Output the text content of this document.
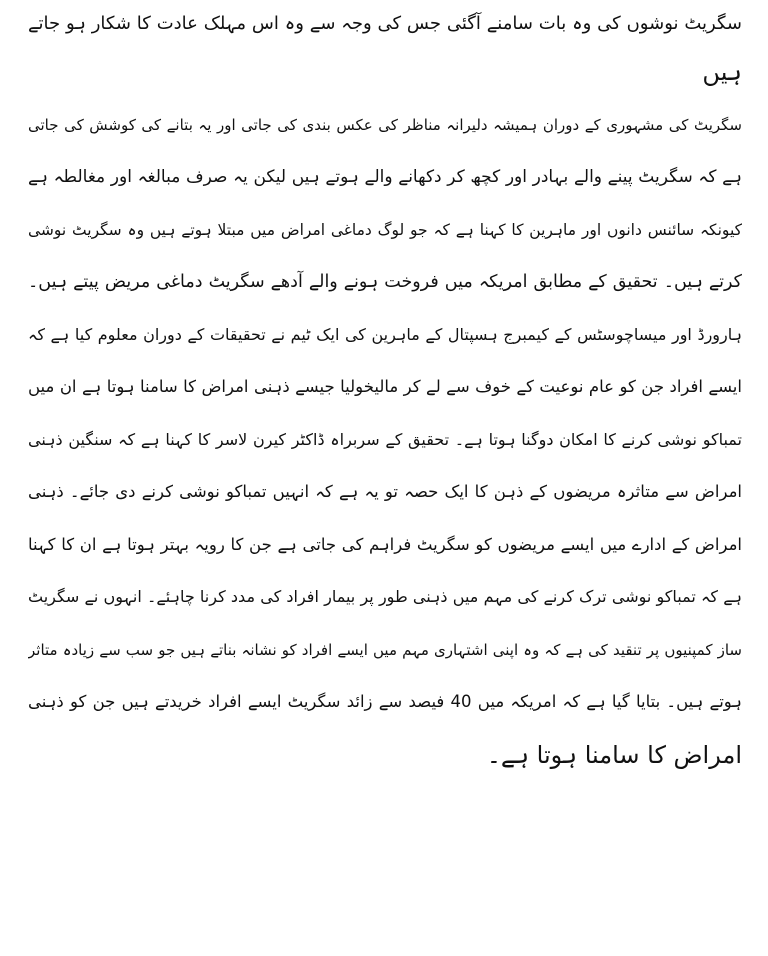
سگریٹ نوشوں کی وہ بات سامنے آگئی جس کی وجہ سے وہ اس مہلک عادت کا شکار ہو جاتے
ہیں
سگریٹ کی مشہوری کے دوران ہمیشہ دلیرانہ مناظر کی عکس بندی کی جاتی اور یہ بتانے کی کوشش کی جاتی
ہے کہ سگریٹ پینے والے بہادر اور کچھ کر دکھانے والے ہوتے ہیں لیکن یہ صرف مبالغہ اور مغالطہ ہے
کیونکہ سائنس دانوں اور ماہرین کا کہنا ہے کہ جو لوگ دماغی امراض میں مبتلا ہوتے ہیں وہ سگریٹ نوشی
کرتے ہیں۔ تحقیق کے مطابق امریکہ میں فروخت ہونے والے آدھے سگریٹ دماغی مریض پیتے ہیں۔
ہارورڈ اور میساچوسٹس کے کیمبرج ہسپتال کے ماہرین کی ایک ٹیم نے تحقیقات کے دوران معلوم کیا ہے کہ
ایسے افراد جن کو عام نوعیت کے خوف سے لے کر مالیخولیا جیسے ذہنی امراض کا سامنا ہوتا ہے ان میں
تمباکو نوشی کرنے کا امکان دوگنا ہوتا ہے۔ تحقیق کے سربراہ ڈاکٹر کیرن لاسر کا کہنا ہے کہ سنگین ذہنی
امراض سے متاثرہ مریضوں کے ذہن کا ایک حصہ تو یہ ہے کہ انہیں تمباکو نوشی کرنے دی جائے۔ ذہنی
امراض کے ادارے میں ایسے مریضوں کو سگریٹ فراہم کی جاتی ہے جن کا رویہ بہتر ہوتا ہے ان کا کہنا
ہے کہ تمباکو نوشی ترک کرنے کی مہم میں ذہنی طور پر بیمار افراد کی مدد کرنا چاہئے۔ انہوں نے سگریٹ
ساز کمپنیوں پر تنقید کی ہے کہ وہ اپنی اشتہاری مہم میں ایسے افراد کو نشانہ بناتے ہیں جو سب سے زیادہ متاثر
ہوتے ہیں۔ بتایا گیا ہے کہ امریکہ میں 40 فیصد سے زائد سگریٹ ایسے افراد خریدتے ہیں جن کو ذہنی
امراض کا سامنا ہوتا ہے۔
